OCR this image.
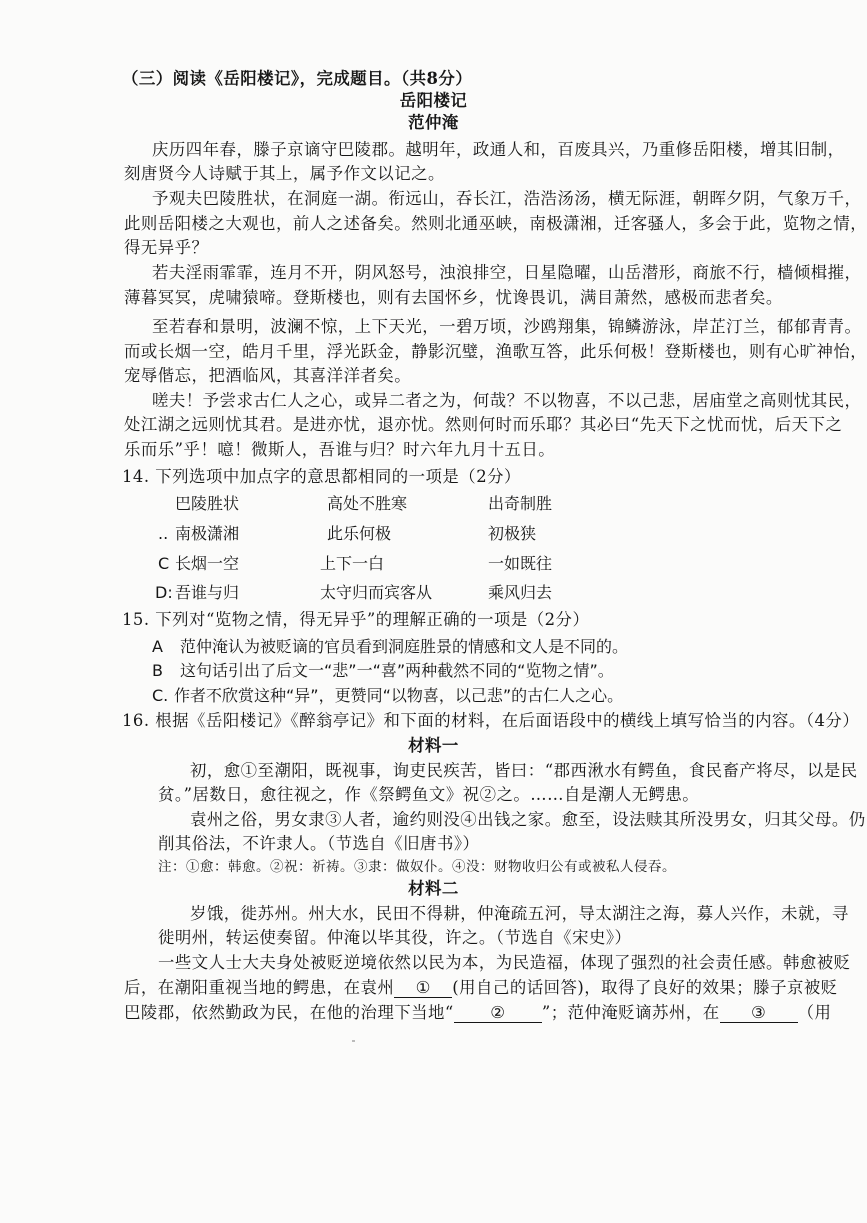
（三）阅读《岳阳楼记》，完成题目。（共8分）
岳阳楼记
范仲淹
庆历四年春，滕子京谪守巴陵郡。越明年，政通人和，百废具兴，乃重修岳阳楼，增其旧制，
刻唐贤今人诗赋于其上，属予作文以记之。
予观夫巴陵胜状，在洞庭一湖。衔远山，吞长江，浩浩汤汤，横无际涯，朝晖夕阴，气象万千，
此则岳阳楼之大观也，前人之述备矣。然则北通巫峡，南极潇湘，迁客骚人，多会于此，览物之情，
得无异乎？
若夫淫雨霏霏，连月不开，阴风怒号，浊浪排空，日星隐曜，山岳潜形，商旅不行，樯倾楫摧，
薄暮冥冥，虎啸猿啼。登斯楼也，则有去国怀乡，忧谗畏讥，满目萧然，感极而悲者矣。
至若春和景明，波澜不惊，上下天光，一碧万顷，沙鸥翔集，锦鳞游泳，岸芷汀兰，郁郁青青。
而或长烟一空，皓月千里，浮光跃金，静影沉璧，渔歌互答，此乐何极！登斯楼也，则有心旷神怡，
宠辱偕忘，把酒临风，其喜洋洋者矣。
嗟夫！予尝求古仁人之心，或异二者之为，何哉？不以物喜，不以己悲，居庙堂之高则忧其民，
处江湖之远则忧其君。是进亦忧，退亦忧。然则何时而乐耶？其必曰“先天下之忧而忧，后天下之
乐而乐”乎！噫！微斯人，吾谁与归？时六年九月十五日。
14. 下列选项中加点字的意思都相同的一项是（2分）
巴陵胜状	高处不胜寒	出奇制胜
.. 南极潇湘	此乐何极	初极狭
C 长烟一空	上下一白	一如既往
D: 吾谁与归	太守归而宾客从	乘风归去
15. 下列对“览物之情，得无异乎”的理解正确的一项是（2分）
A 范仲淹认为被贬谪的官员看到洞庭胜景的情感和文人是不同的。
B 这句话引出了后文一“悲”一“喜”两种截然不同的“览物之情”。
C. 作者不欣赏这种“异”，更赞同“以物喜，以己悲”的古仁人之心。
16. 根据《岳阳楼记》《醉翁亭记》和下面的材料，在后面语段中的横线上填写恰当的内容。（4分）
材料一
初，愈①至潮阳，既视事，询吏民疾苦，皆曰：“郡西湫水有鳄鱼，食民畜产将尽，以是民
贫。”居数日，愈往视之，作《祭鳄鱼文》祝②之。……自是潮人无鳄患。
袁州之俗，男女隶③人者，逾约则没④出钱之家。愈至，设法赎其所没男女，归其父母。仍
削其俗法，不许隶人。（节选自《旧唐书》）
注：①愈：韩愈。②祝：祈祷。③隶：做奴仆。④没：财物收归公有或被私人侵吞。
材料二
岁饿，徙苏州。州大水，民田不得耕，仲淹疏五河，导太湖注之海，募人兴作，未就，寻
徙明州，转运使奏留。仲淹以毕其役，许之。（节选自《宋史》）
一些文人士大夫身处被贬逆境依然以民为本，为民造福，体现了强烈的社会责任感。韩愈被贬
后，在潮阳重视当地的鳄患，在袁州 ① (用自己的话回答)，取得了良好的效果；滕子京被贬
巴陵郡，依然勤政为民，在他的治理下当地“ ② ”；范仲淹贬谪苏州，在 ③ （用
